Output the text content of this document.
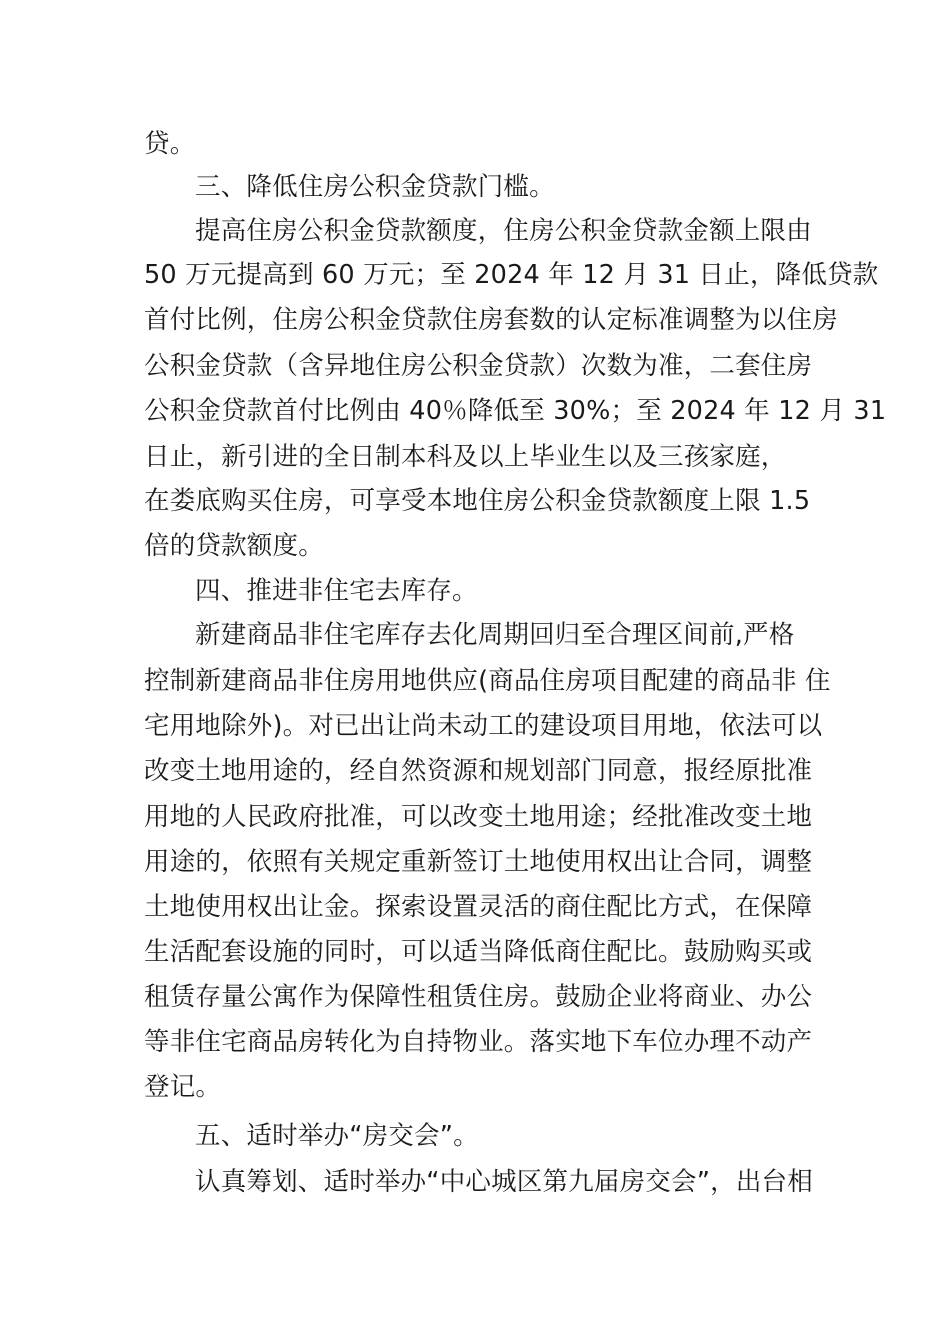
贷。
三、降低住房公积金贷款门槛。
提高住房公积金贷款额度，住房公积金贷款金额上限由
50 万元提高到 60 万元；至 2024 年 12 月 31 日止，降低贷款
首付比例，住房公积金贷款住房套数的认定标准调整为以住房
公积金贷款（含异地住房公积金贷款）次数为准，二套住房
公积金贷款首付比例由 40％降低至 30%；至 2024 年 12 月 31
日止，新引进的全日制本科及以上毕业生以及三孩家庭，
在娄底购买住房，可享受本地住房公积金贷款额度上限 1.5
倍的贷款额度。
四、推进非住宅去库存。
新建商品非住宅库存去化周期回归至合理区间前,严格
控制新建商品非住房用地供应(商品住房项目配建的商品非 住
宅用地除外)。对已出让尚未动工的建设项目用地，依法可以
改变土地用途的，经自然资源和规划部门同意，报经原批准
用地的人民政府批准，可以改变土地用途；经批准改变土地
用途的，依照有关规定重新签订土地使用权出让合同，调整
土地使用权出让金。探索设置灵活的商住配比方式，在保障
生活配套设施的同时，可以适当降低商住配比。鼓励购买或
租赁存量公寓作为保障性租赁住房。鼓励企业将商业、办公
等非住宅商品房转化为自持物业。落实地下车位办理不动产
登记。
五、适时举办“房交会”。
认真筹划、适时举办“中心城区第九届房交会”，出台相
